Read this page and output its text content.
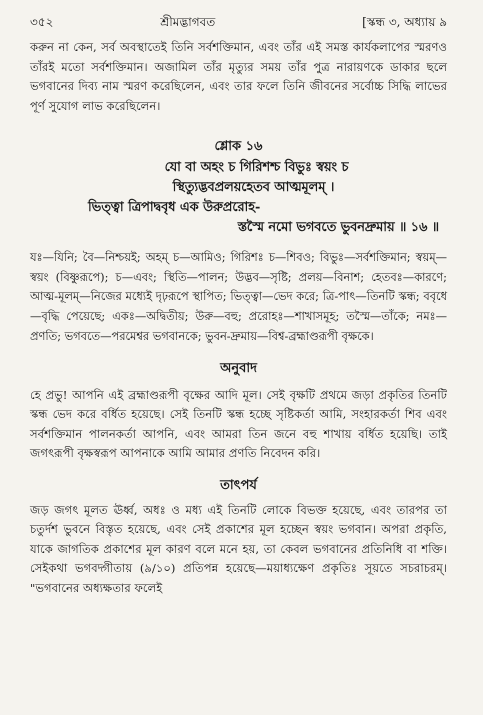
৩৫২	শ্রীমদ্ভাগবত	[স্কন্ধ ৩, অধ্যায় ৯

করুন না কেন, সর্ব অবস্থাতেই তিনি সর্বশক্তিমান, এবং তাঁর এই সমস্ত কার্যকলাপের স্মরণও তাঁরই মতো সর্বশক্তিমান। অজামিল তাঁর মৃত্যুর সময় তাঁর পুত্র নারায়ণকে ডাকার ছলে ভগবানের দিব্য নাম স্মরণ করেছিলেন, এবং তার ফলে তিনি জীবনের সর্বোচ্চ সিদ্ধি লাভের পূর্ণ সুযোগ লাভ করেছিলেন।

শ্লোক ১৬

যো বা অহং চ গিরিশশ্চ বিভুঃ স্বয়ং চ

স্থিত্যুদ্ভবপ্রলয়হেতব আত্মমূলম্ ।

ভিত্ত্বা ত্রিপাদ্ববৃধ এক উরুপ্ররোহ-

স্তস্মৈ নমো ভগবতে ভুবনদ্রুমায় ॥ ১৬ ॥

যঃ—যিনি; বৈ—নিশ্চয়ই; অহম্ চ—আমিও; গিরিশঃ চ—শিবও; বিভুঃ—সর্বশক্তিমান; স্বয়ম্—স্বয়ং (বিষ্ণুরূপে); চ—এবং; স্থিতি—পালন; উদ্ভব—সৃষ্টি; প্রলয়—বিনাশ; হেতবঃ—কারণে; আত্ম-মূলম্—নিজের মধ্যেই দৃঢ়রূপে স্থাপিত; ভিত্ত্বা—ভেদ করে; ত্রি-পাৎ—তিনটি স্কন্ধ; ববৃধে—বৃদ্ধি পেয়েছে; একঃ—অদ্বিতীয়; উরু—বহু; প্ররোহঃ—শাখাসমূহ; তস্মৈ—তাঁকে; নমঃ—প্রণতি; ভগবতে—পরমেশ্বর ভগবানকে; ভুবন-দ্রুমায়—বিশ্ব-ব্রহ্মাণ্ডরূপী বৃক্ষকে।

অনুবাদ

হে প্রভু! আপনি এই ব্রহ্মাণ্ডরূপী বৃক্ষের আদি মূল। সেই বৃক্ষটি প্রথমে জড়া প্রকৃতির তিনটি স্কন্ধ ভেদ করে বর্ধিত হয়েছে। সেই তিনটি স্কন্ধ হচ্ছে সৃষ্টিকর্তা আমি, সংহারকর্তা শিব এবং সর্বশক্তিমান পালনকর্তা আপনি, এবং আমরা তিন জনে বহু শাখায় বর্ধিত হয়েছি। তাই জগৎরূপী বৃক্ষস্বরূপ আপনাকে আমি আমার প্রণতি নিবেদন করি।

তাৎপর্য

জড় জগৎ মূলত ঊর্ধ্ব, অধঃ ও মধ্য এই তিনটি লোকে বিভক্ত হয়েছে, এবং তারপর তা চতুর্দশ ভুবনে বিস্তৃত হয়েছে, এবং সেই প্রকাশের মূল হচ্ছেন স্বয়ং ভগবান। অপরা প্রকৃতি, যাকে জাগতিক প্রকাশের মূল কারণ বলে মনে হয়, তা কেবল ভগবানের প্রতিনিধি বা শক্তি। সেইকথা ভগবদ্গীতায় (৯/১০) প্রতিপন্ন হয়েছে—ময়াধ্যক্ষেণ প্রকৃতিঃ সূয়তে সচরাচরম্। "ভগবানের অধ্যক্ষতার ফলেই
